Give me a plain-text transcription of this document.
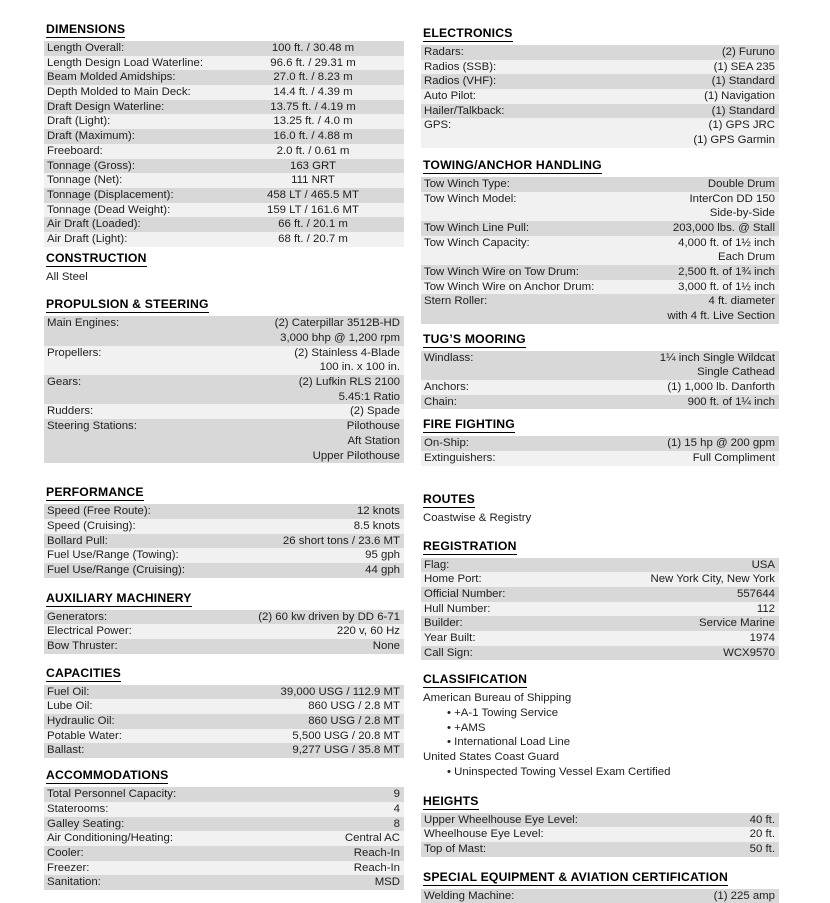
DIMENSIONS
Length Overall:	100 ft. / 30.48 m
Length Design Load Waterline:	96.6 ft. / 29.31 m
Beam Molded Amidships:	27.0 ft. / 8.23 m
Depth Molded to Main Deck:	14.4 ft. / 4.39 m
Draft Design Waterline:	13.75 ft. / 4.19 m
Draft (Light):	13.25 ft. / 4.0 m
Draft (Maximum):	16.0 ft. / 4.88 m
Freeboard:	2.0 ft. / 0.61 m
Tonnage (Gross):	163 GRT
Tonnage (Net):	111 NRT
Tonnage (Displacement):	458 LT / 465.5 MT
Tonnage (Dead Weight):	159 LT / 161.6 MT
Air Draft (Loaded):	66 ft. / 20.1 m
Air Draft (Light):	68 ft. / 20.7 m
CONSTRUCTION
All Steel
PROPULSION & STEERING
Main Engines:	(2) Caterpillar 3512B-HD
3,000 bhp @ 1,200 rpm
Propellers:	(2) Stainless 4-Blade
100 in. x 100 in.
Gears:	(2) Lufkin RLS 2100
5.45:1 Ratio
Rudders:	(2) Spade
Steering Stations:	Pilothouse
Aft Station
Upper Pilothouse
PERFORMANCE
Speed (Free Route):	12 knots
Speed (Cruising):	8.5 knots
Bollard Pull:	26 short tons / 23.6 MT
Fuel Use/Range (Towing):	95 gph
Fuel Use/Range (Cruising):	44 gph
AUXILIARY MACHINERY
Generators:	(2) 60 kw driven by DD 6-71
Electrical Power:	220 v, 60 Hz
Bow Thruster:	None
CAPACITIES
Fuel Oil:	39,000 USG / 112.9 MT
Lube Oil:	860 USG / 2.8 MT
Hydraulic Oil:	860 USG / 2.8 MT
Potable Water:	5,500 USG / 20.8 MT
Ballast:	9,277 USG / 35.8 MT
ACCOMMODATIONS
Total Personnel Capacity:	9
Staterooms:	4
Galley Seating:	8
Air Conditioning/Heating:	Central AC
Cooler:	Reach-In
Freezer:	Reach-In
Sanitation:	MSD
ELECTRONICS
Radars:	(2) Furuno
Radios (SSB):	(1) SEA 235
Radios (VHF):	(1) Standard
Auto Pilot:	(1) Navigation
Hailer/Talkback:	(1) Standard
GPS:	(1) GPS JRC
(1) GPS Garmin
TOWING/ANCHOR HANDLING
Tow Winch Type:	Double Drum
Tow Winch Model:	InterCon DD 150
Side-by-Side
Tow Winch Line Pull:	203,000 lbs. @ Stall
Tow Winch Capacity:	4,000 ft. of 1½ inch
Each Drum
Tow Winch Wire on Tow Drum:	2,500 ft. of 1¾ inch
Tow Winch Wire on Anchor Drum:	3,000 ft. of 1½ inch
Stern Roller:	4 ft. diameter
with 4 ft. Live Section
TUG’S MOORING
Windlass:	1¼ inch Single Wildcat
Single Cathead
Anchors:	(1) 1,000 lb. Danforth
Chain:	900 ft. of 1¼ inch
FIRE FIGHTING
On-Ship:	(1) 15 hp @ 200 gpm
Extinguishers:	Full Compliment
ROUTES
Coastwise & Registry
REGISTRATION
Flag:	USA
Home Port:	New York City, New York
Official Number:	557644
Hull Number:	112
Builder:	Service Marine
Year Built:	1974
Call Sign:	WCX9570
CLASSIFICATION
American Bureau of Shipping
• +A-1 Towing Service
• +AMS
• International Load Line
United States Coast Guard
• Uninspected Towing Vessel Exam Certified
HEIGHTS
Upper Wheelhouse Eye Level:	40 ft.
Wheelhouse Eye Level:	20 ft.
Top of Mast:	50 ft.
SPECIAL EQUIPMENT & AVIATION CERTIFICATION
Welding Machine:	(1) 225 amp
